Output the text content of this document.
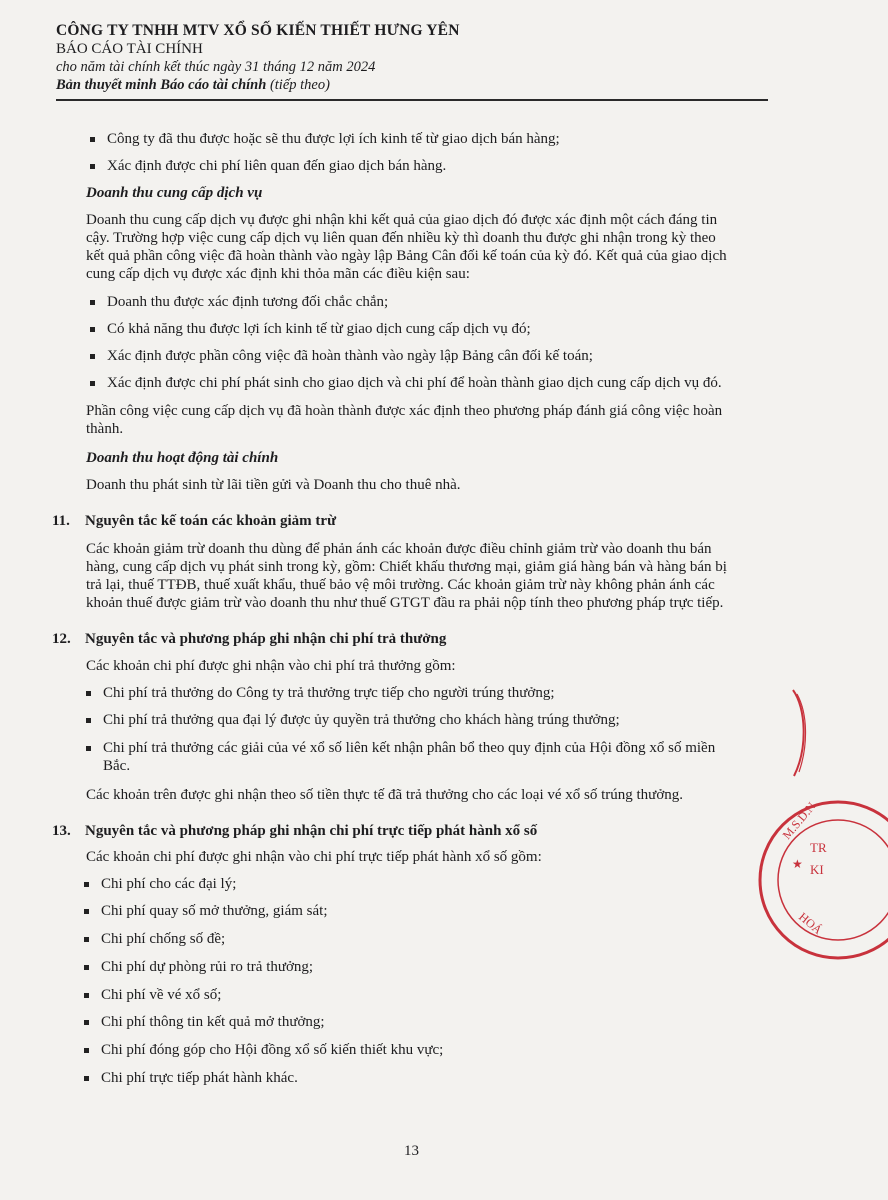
CÔNG TY TNHH MTV XỔ SỐ KIẾN THIẾT HƯNG YÊN
BÁO CÁO TÀI CHÍNH
cho năm tài chính kết thúc ngày 31 tháng 12 năm 2024
Bản thuyết minh Báo cáo tài chính (tiếp theo)
Công ty đã thu được hoặc sẽ thu được lợi ích kinh tế từ giao dịch bán hàng;
Xác định được chi phí liên quan đến giao dịch bán hàng.
Doanh thu cung cấp dịch vụ
Doanh thu cung cấp dịch vụ được ghi nhận khi kết quả của giao dịch đó được xác định một cách đáng tin
cậy. Trường hợp việc cung cấp dịch vụ liên quan đến nhiều kỳ thì doanh thu được ghi nhận trong kỳ theo
kết quả phần công việc đã hoàn thành vào ngày lập Bảng Cân đối kế toán của kỳ đó. Kết quả của giao dịch
cung cấp dịch vụ được xác định khi thỏa mãn các điều kiện sau:
Doanh thu được xác định tương đối chắc chắn;
Có khả năng thu được lợi ích kinh tế từ giao dịch cung cấp dịch vụ đó;
Xác định được phần công việc đã hoàn thành vào ngày lập Bảng cân đối kế toán;
Xác định được chi phí phát sinh cho giao dịch và chi phí để hoàn thành giao dịch cung cấp dịch vụ đó.
Phần công việc cung cấp dịch vụ đã hoàn thành được xác định theo phương pháp đánh giá công việc hoàn
thành.
Doanh thu hoạt động tài chính
Doanh thu phát sinh từ lãi tiền gửi và Doanh thu cho thuê nhà.
11. Nguyên tắc kế toán các khoản giảm trừ
Các khoản giảm trừ doanh thu dùng để phản ánh các khoản được điều chỉnh giảm trừ vào doanh thu bán
hàng, cung cấp dịch vụ phát sinh trong kỳ, gồm: Chiết khấu thương mại, giảm giá hàng bán và hàng bán bị
trả lại, thuế TTĐB, thuế xuất khẩu, thuế bảo vệ môi trường. Các khoản giảm trừ này không phản ánh các
khoản thuế được giảm trừ vào doanh thu như thuế GTGT đầu ra phải nộp tính theo phương pháp trực tiếp.
12. Nguyên tắc và phương pháp ghi nhận chi phí trả thưởng
Các khoản chi phí được ghi nhận vào chi phí trả thưởng gồm:
Chi phí trả thưởng do Công ty trả thưởng trực tiếp cho người trúng thưởng;
Chi phí trả thưởng qua đại lý được ủy quyền trả thưởng cho khách hàng trúng thưởng;
Chi phí trả thưởng các giải của vé xổ số liên kết nhận phân bổ theo quy định của Hội đồng xổ số miền
Bắc.
Các khoản trên được ghi nhận theo số tiền thực tế đã trả thưởng cho các loại vé xổ số trúng thưởng.
13. Nguyên tắc và phương pháp ghi nhận chi phí trực tiếp phát hành xổ số
Các khoản chi phí được ghi nhận vào chi phí trực tiếp phát hành xổ số gồm:
Chi phí cho các đại lý;
Chi phí quay số mở thưởng, giám sát;
Chi phí chống số đề;
Chi phí dự phòng rủi ro trả thưởng;
Chi phí về vé xổ số;
Chi phí thông tin kết quả mở thưởng;
Chi phí đóng góp cho Hội đồng xổ số kiến thiết khu vực;
Chi phí trực tiếp phát hành khác.
13
M.S.D.N
TR
KI
★
HOÁ
